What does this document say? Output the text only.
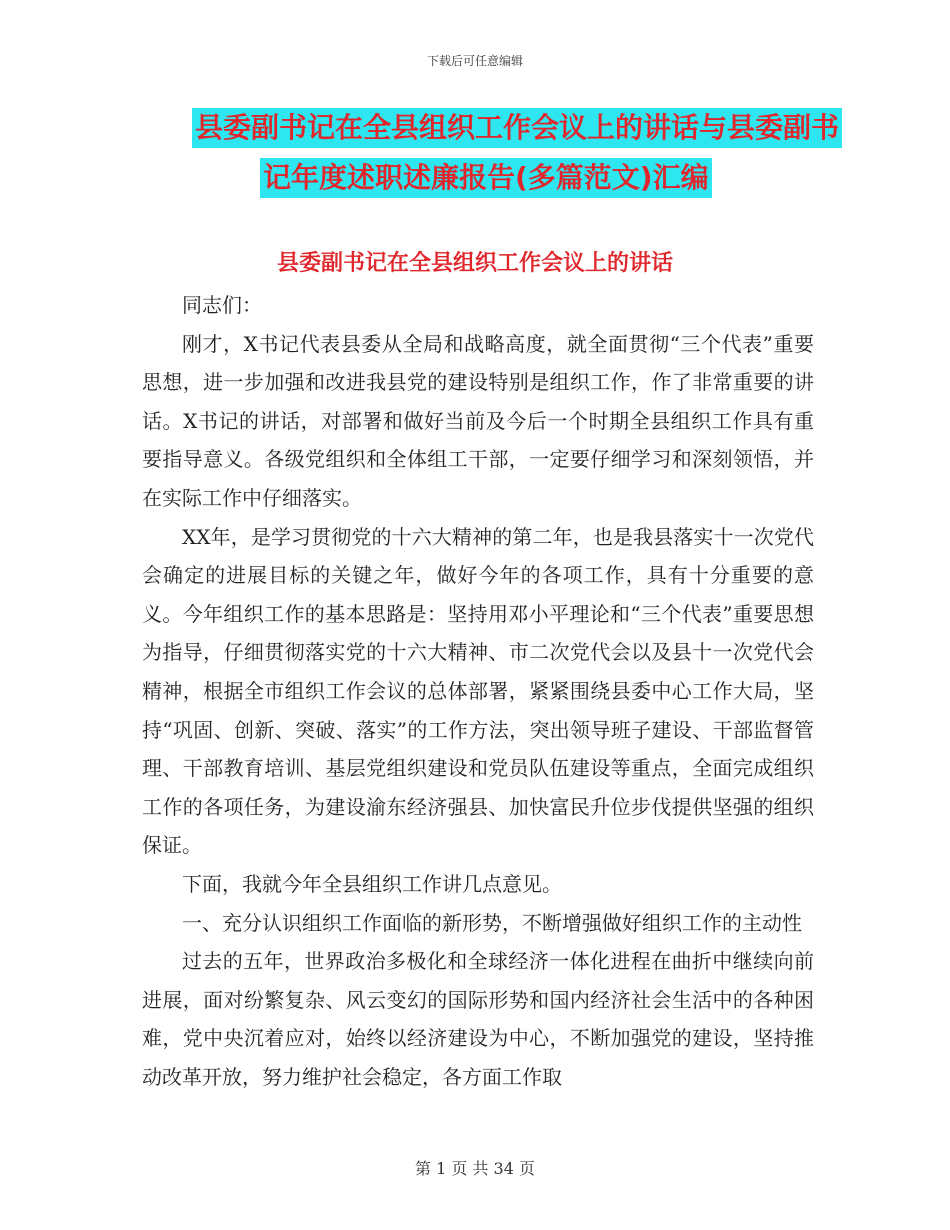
下载后可任意编辑
县委副书记在全县组织工作会议上的讲话与县委副书
记年度述职述廉报告(多篇范文)汇编
县委副书记在全县组织工作会议上的讲话

同志们：

刚才，X书记代表县委从全局和战略高度，就全面贯彻“三个代表”重要思想，进一步加强和改进我县党的建设特别是组织工作，作了非常重要的讲话。X书记的讲话，对部署和做好当前及今后一个时期全县组织工作具有重要指导意义。各级党组织和全体组工干部，一定要仔细学习和深刻领悟，并在实际工作中仔细落实。

XX年，是学习贯彻党的十六大精神的第二年，也是我县落实十一次党代会确定的进展目标的关键之年，做好今年的各项工作，具有十分重要的意义。今年组织工作的基本思路是：坚持用邓小平理论和“三个代表”重要思想为指导，仔细贯彻落实党的十六大精神、市二次党代会以及县十一次党代会精神，根据全市组织工作会议的总体部署，紧紧围绕县委中心工作大局，坚持“巩固、创新、突破、落实”的工作方法，突出领导班子建设、干部监督管理、干部教育培训、基层党组织建设和党员队伍建设等重点，全面完成组织工作的各项任务，为建设渝东经济强县、加快富民升位步伐提供坚强的组织保证。

下面，我就今年全县组织工作讲几点意见。

一、充分认识组织工作面临的新形势，不断增强做好组织工作的主动性

过去的五年，世界政治多极化和全球经济一体化进程在曲折中继续向前进展，面对纷繁复杂、风云变幻的国际形势和国内经济社会生活中的各种困难，党中央沉着应对，始终以经济建设为中心，不断加强党的建设，坚持推动改革开放，努力维护社会稳定，各方面工作取

第 1 页 共 34 页
